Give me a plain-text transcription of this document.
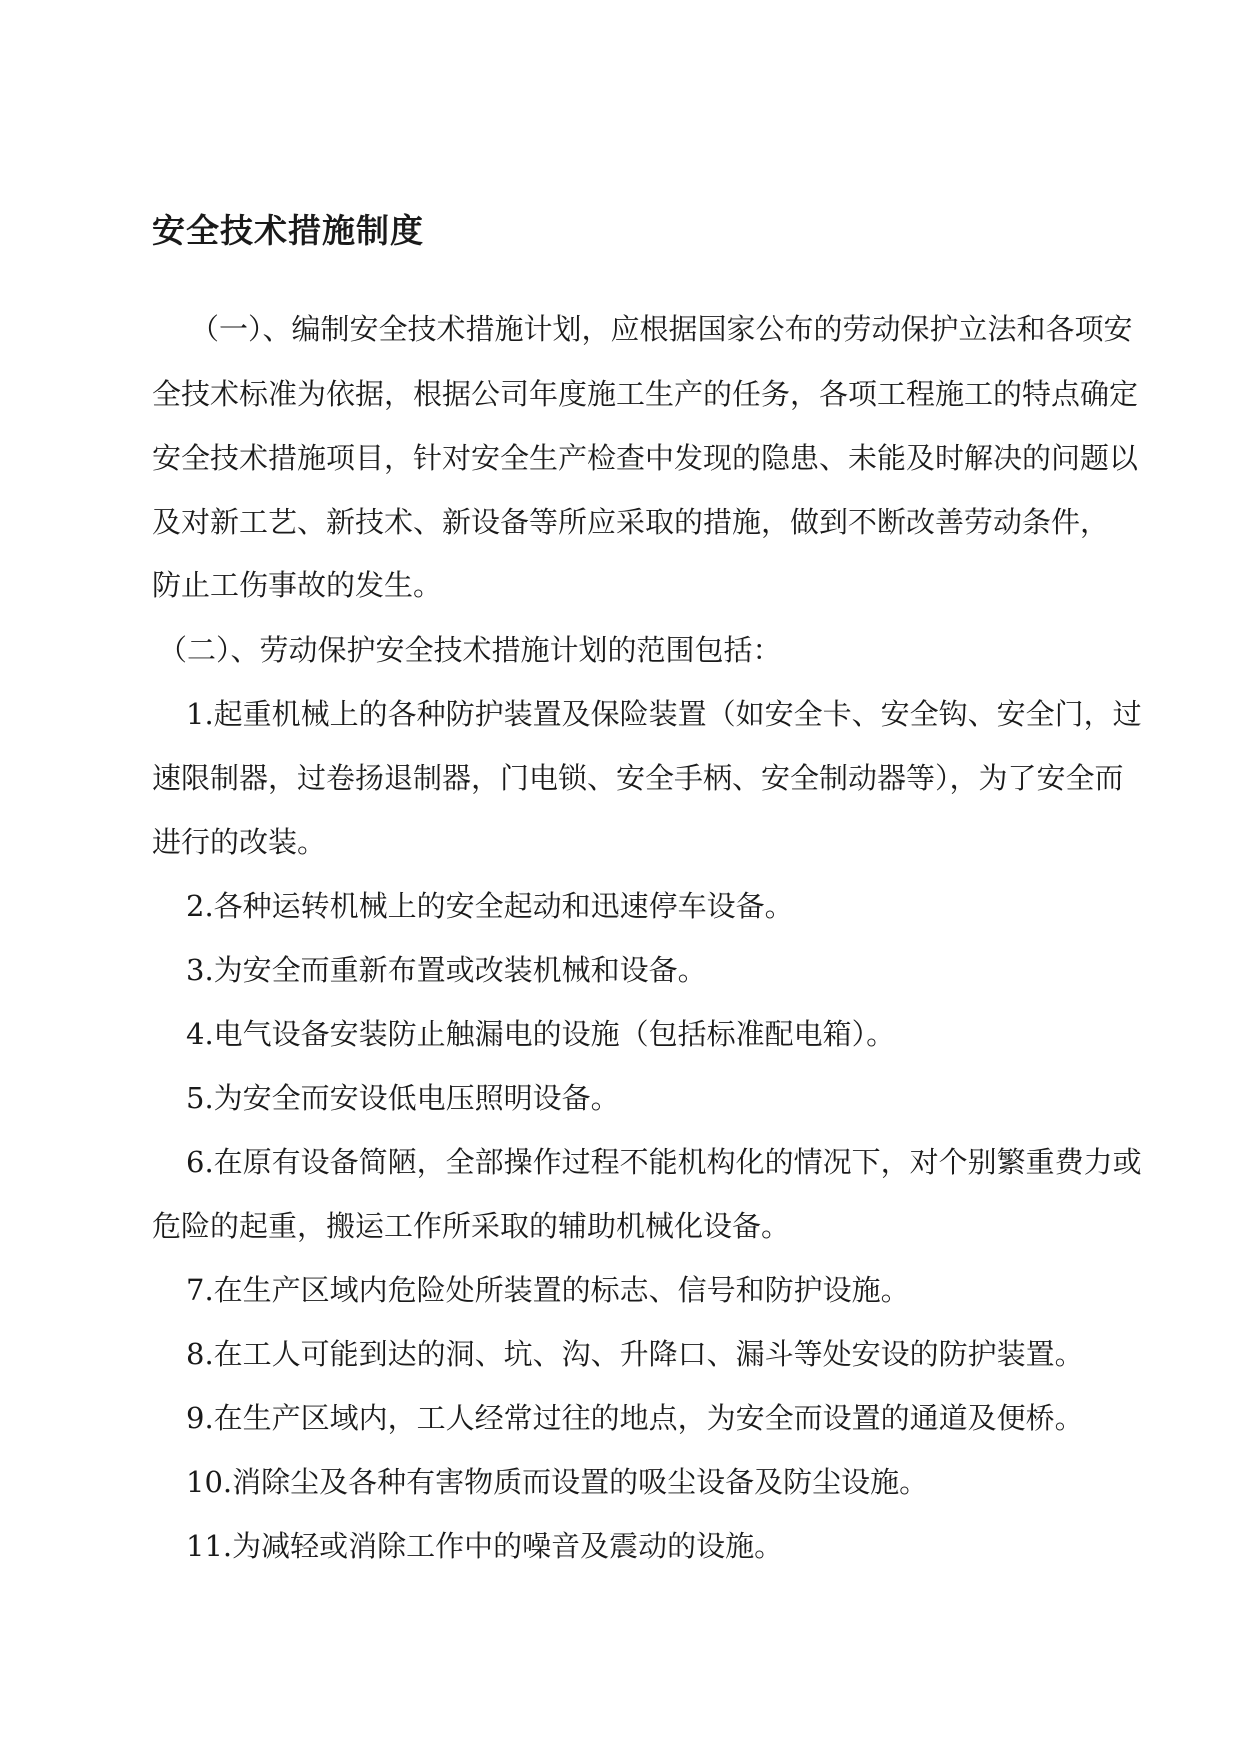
安全技术措施制度

（一）、编制安全技术措施计划，应根据国家公布的劳动保护立法和各项安

全技术标准为依据，根据公司年度施工生产的任务，各项工程施工的特点确定

安全技术措施项目，针对安全生产检查中发现的隐患、未能及时解决的问题以

及对新工艺、新技术、新设备等所应采取的措施，做到不断改善劳动条件，

防止工伤事故的发生。

（二）、劳动保护安全技术措施计划的范围包括：

1.起重机械上的各种防护装置及保险装置（如安全卡、安全钩、安全门，过

速限制器，过卷扬退制器，门电锁、安全手柄、安全制动器等），为了安全而

进行的改装。

2.各种运转机械上的安全起动和迅速停车设备。

3.为安全而重新布置或改装机械和设备。

4.电气设备安装防止触漏电的设施（包括标准配电箱）。

5.为安全而安设低电压照明设备。

6.在原有设备简陋，全部操作过程不能机构化的情况下，对个别繁重费力或

危险的起重，搬运工作所采取的辅助机械化设备。

7.在生产区域内危险处所装置的标志、信号和防护设施。

8.在工人可能到达的洞、坑、沟、升降口、漏斗等处安设的防护装置。

9.在生产区域内，工人经常过往的地点，为安全而设置的通道及便桥。

10.消除尘及各种有害物质而设置的吸尘设备及防尘设施。

11.为减轻或消除工作中的噪音及震动的设施。
